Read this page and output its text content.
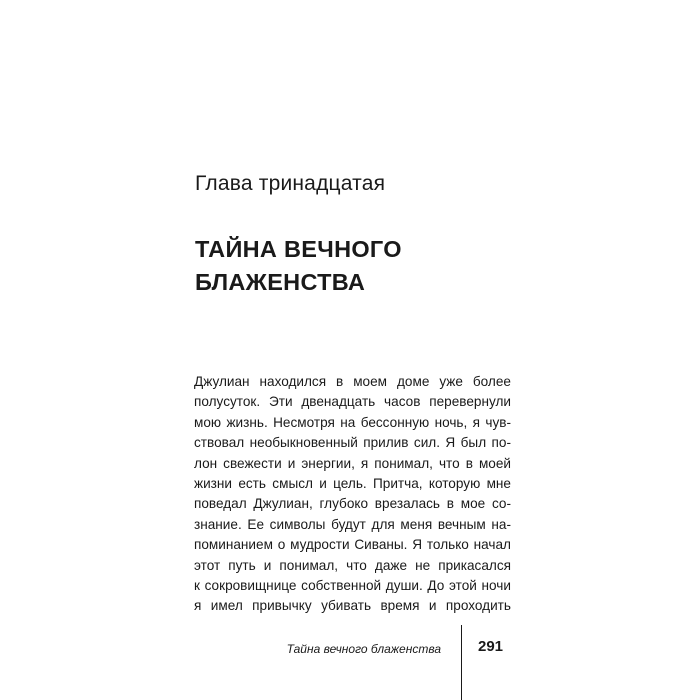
Глава тринадцатая
ТАЙНА ВЕЧНОГО
БЛАЖЕНСТВА
Джулиан находился в моем доме уже более
полусуток. Эти двенадцать часов перевернули
мою жизнь. Несмотря на бессонную ночь, я чув-
ствовал необыкновенный прилив сил. Я был по-
лон свежести и энергии, я понимал, что в моей
жизни есть смысл и цель. Притча, которую мне
поведал Джулиан, глубоко врезалась в мое со-
знание. Ее символы будут для меня вечным на-
поминанием о мудрости Сиваны. Я только начал
этот путь и понимал, что даже не прикасался
к сокровищнице собственной души. До этой ночи
я имел привычку убивать время и проходить
Тайна вечного блаженства 291
